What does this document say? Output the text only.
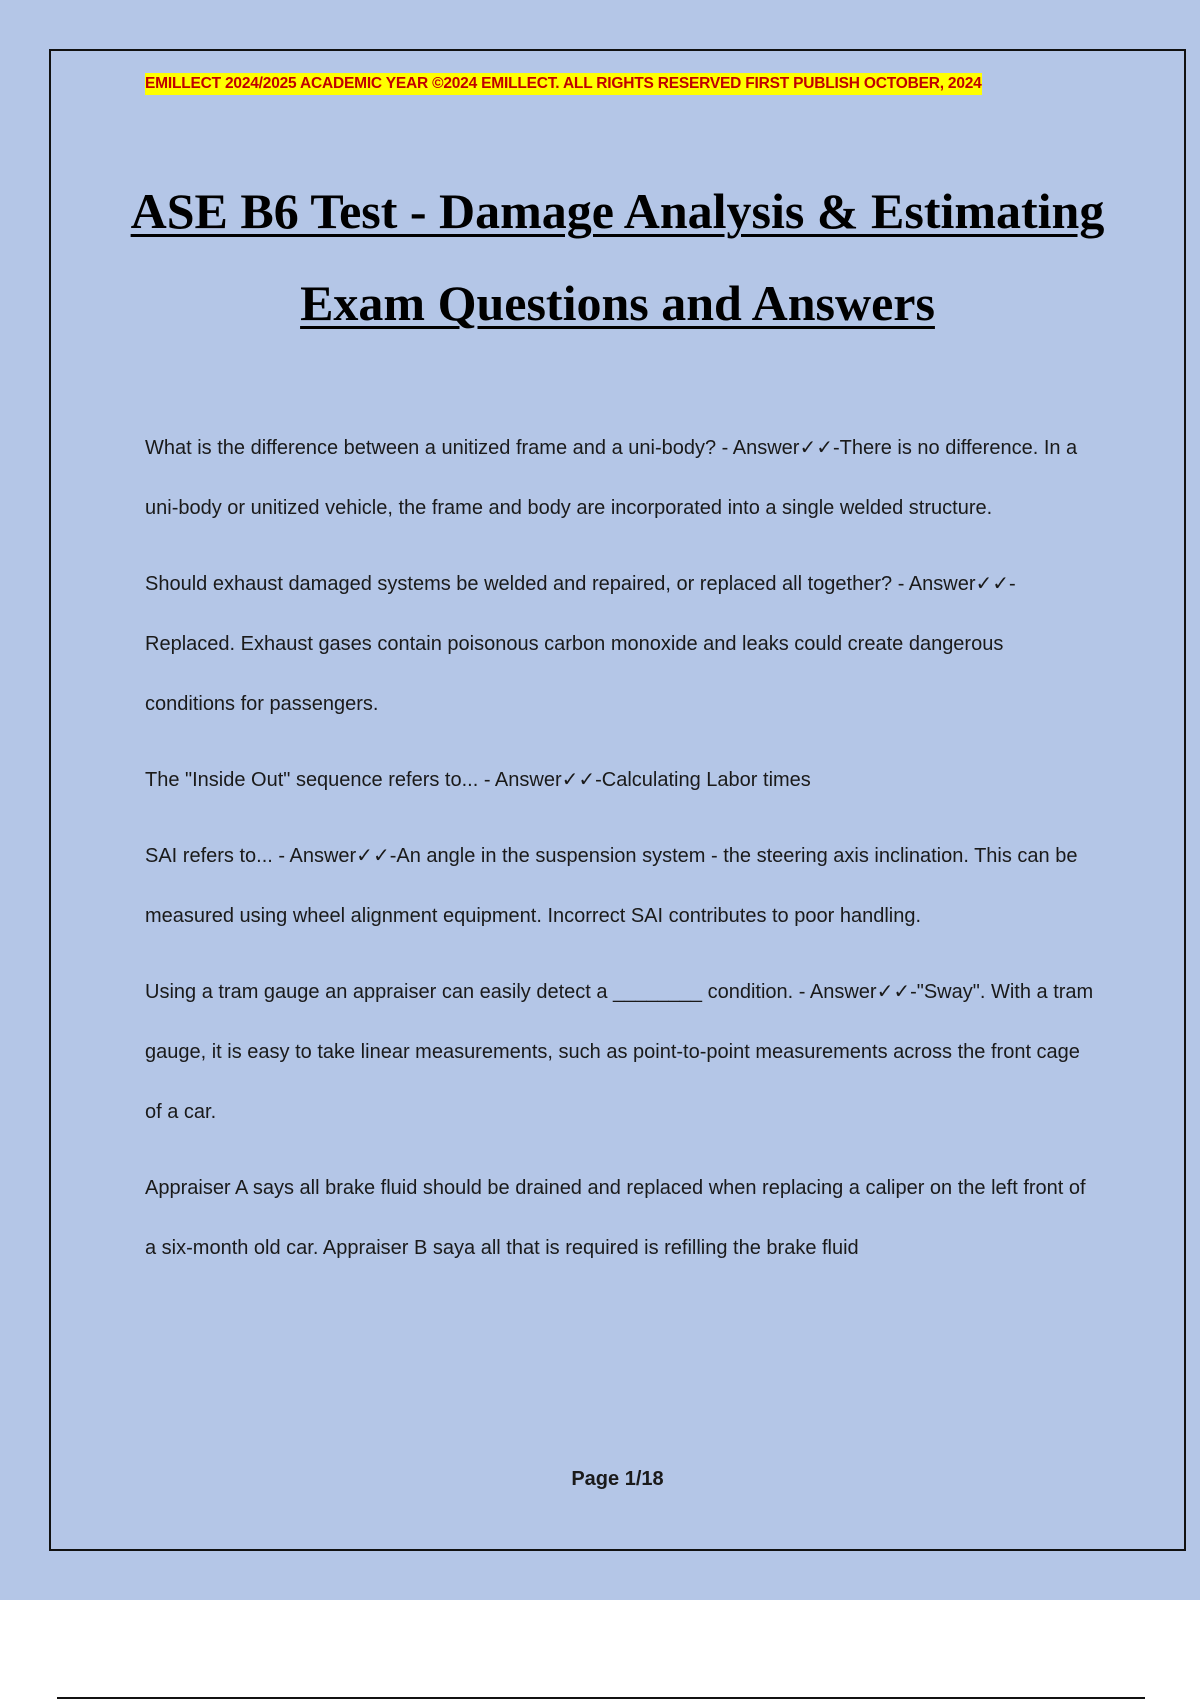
EMILLECT 2024/2025 ACADEMIC YEAR ©2024 EMILLECT. ALL RIGHTS RESERVED FIRST PUBLISH OCTOBER, 2024
ASE B6 Test - Damage Analysis & Estimating Exam Questions and Answers

What is the difference between a unitized frame and a uni-body? - Answer✓✓-There is no difference. In a uni-body or unitized vehicle, the frame and body are incorporated into a single welded structure.

Should exhaust damaged systems be welded and repaired, or replaced all together? - Answer✓✓-Replaced. Exhaust gases contain poisonous carbon monoxide and leaks could create dangerous conditions for passengers.

The "Inside Out" sequence refers to... - Answer✓✓-Calculating Labor times

SAI refers to... - Answer✓✓-An angle in the suspension system - the steering axis inclination. This can be measured using wheel alignment equipment. Incorrect SAI contributes to poor handling.

Using a tram gauge an appraiser can easily detect a ________ condition. - Answer✓✓-"Sway". With a tram gauge, it is easy to take linear measurements, such as point-to-point measurements across the front cage of a car.

Appraiser A says all brake fluid should be drained and replaced when replacing a caliper on the left front of a six-month old car. Appraiser B saya all that is required is refilling the brake fluid

Page 1/18
